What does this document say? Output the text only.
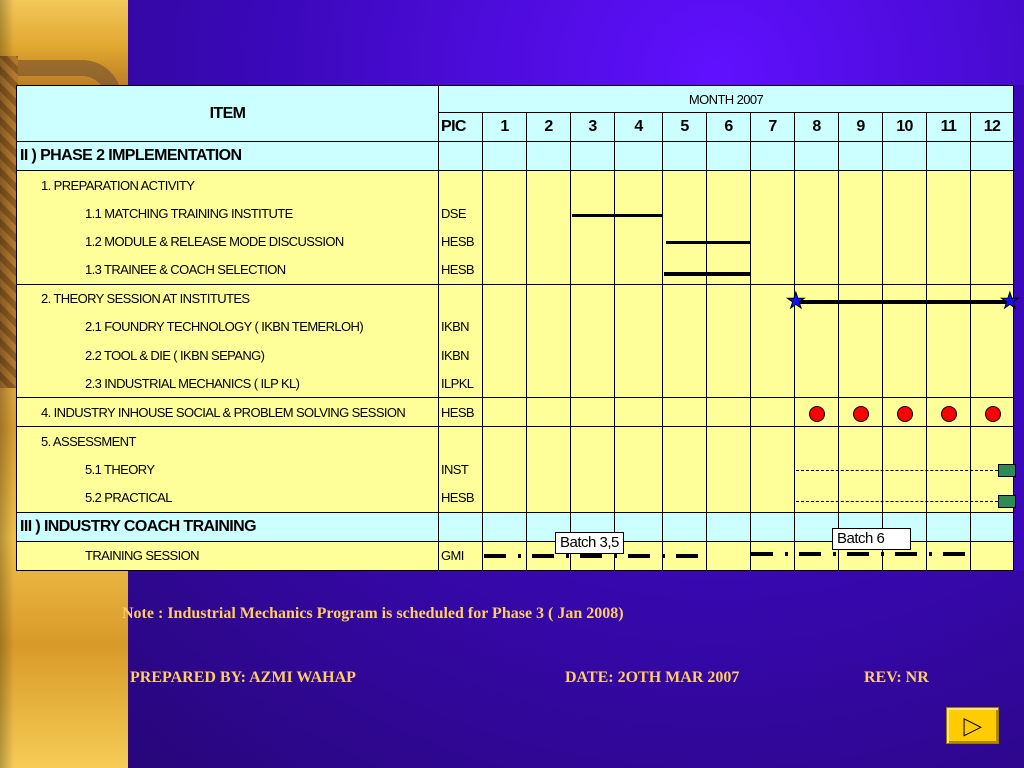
ITEM	MONTH 2007												
	PIC	1	2	3	4	5	6	7	8	9	10	11	12
II ) PHASE 2 IMPLEMENTATION													
1. PREPARATION ACTIVITY													
1.1 MATCHING TRAINING INSTITUTE	DSE												
1.2 MODULE & RELEASE MODE DISCUSSION	HESB												
1.3 TRAINEE & COACH SELECTION	HESB												
2. THEORY SESSION AT INSTITUTES													
2.1 FOUNDRY TECHNOLOGY ( IKBN TEMERLOH)	IKBN												
2.2 TOOL & DIE ( IKBN SEPANG)	IKBN												
2.3 INDUSTRIAL MECHANICS ( ILP KL)	ILPKL												
4. INDUSTRY INHOUSE SOCIAL & PROBLEM SOLVING SESSION	HESB												
5. ASSESSMENT													
5.1 THEORY	INST												
5.2 PRACTICAL	HESB												
III ) INDUSTRY COACH TRAINING													
TRAINING SESSION	GMI												
★	★
Batch 3,5	Batch 6
Note : Industrial Mechanics Program is scheduled for Phase 3 ( Jan 2008)
PREPARED BY: AZMI WAHAP	DATE: 2OTH MAR 2007	REV: NR
▶
